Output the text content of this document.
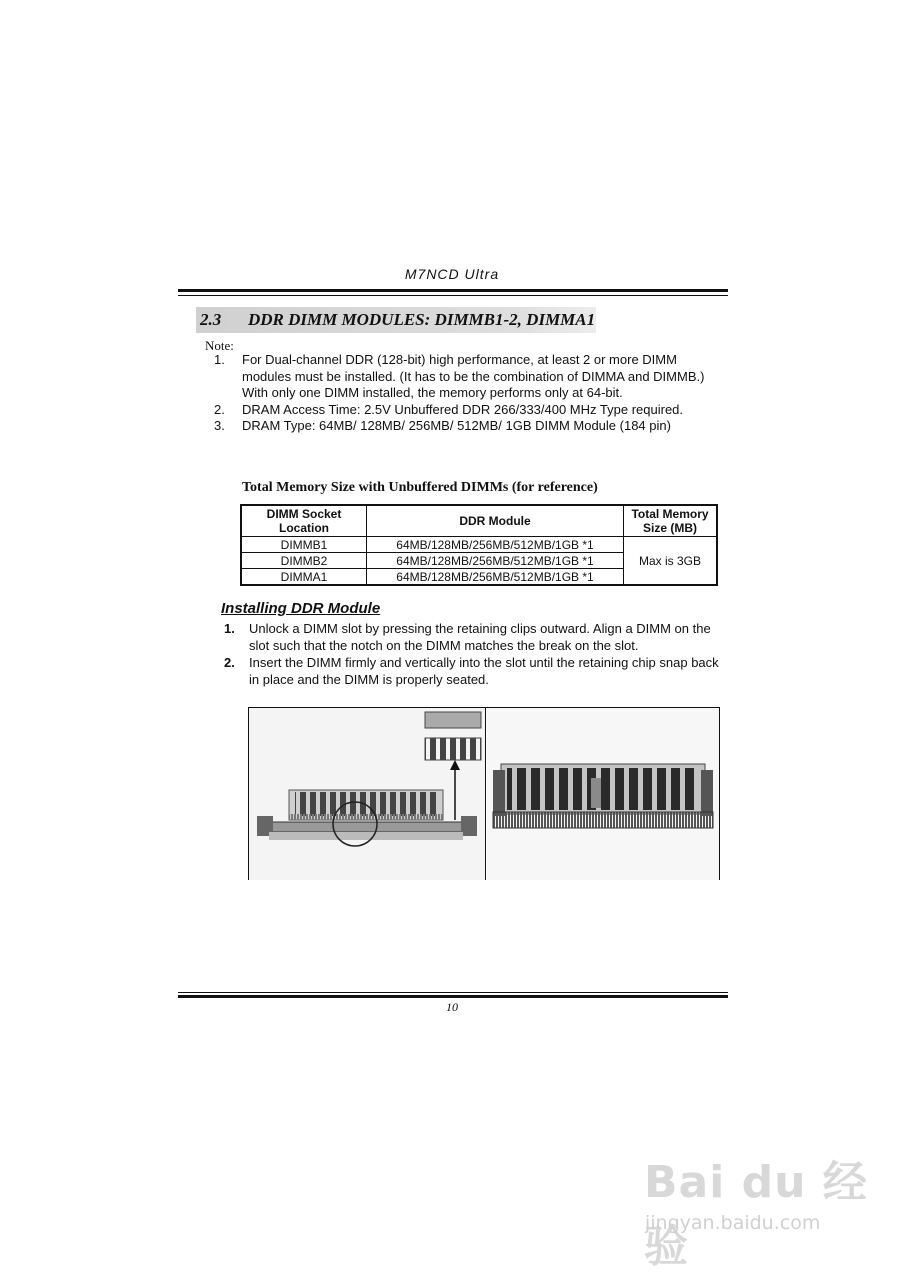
M7NCD Ultra
2.3 DDR DIMM MODULES: DIMMB1-2, DIMMA1
Note:
1. For Dual-channel DDR (128-bit) high performance, at least 2 or more DIMM modules must be installed. (It has to be the combination of DIMMA and DIMMB.) With only one DIMM installed, the memory performs only at 64-bit.
2. DRAM Access Time: 2.5V Unbuffered DDR 266/333/400 MHz Type required.
3. DRAM Type: 64MB/ 128MB/ 256MB/ 512MB/ 1GB DIMM Module (184 pin)
Total Memory Size with Unbuffered DIMMs (for reference)
DIMM Socket Location	DDR Module	Total Memory Size (MB)
DIMMB1	64MB/128MB/256MB/512MB/1GB *1	Max is 3GB
DIMMB2	64MB/128MB/256MB/512MB/1GB *1	
DIMMA1	64MB/128MB/256MB/512MB/1GB *1	
Installing DDR Module
1. Unlock a DIMM slot by pressing the retaining clips outward. Align a DIMM on the slot such that the notch on the DIMM matches the break on the slot.
2. Insert the DIMM firmly and vertically into the slot until the retaining chip snap back in place and the DIMM is properly seated.
10
Bai du 经验
jingyan.baidu.com
